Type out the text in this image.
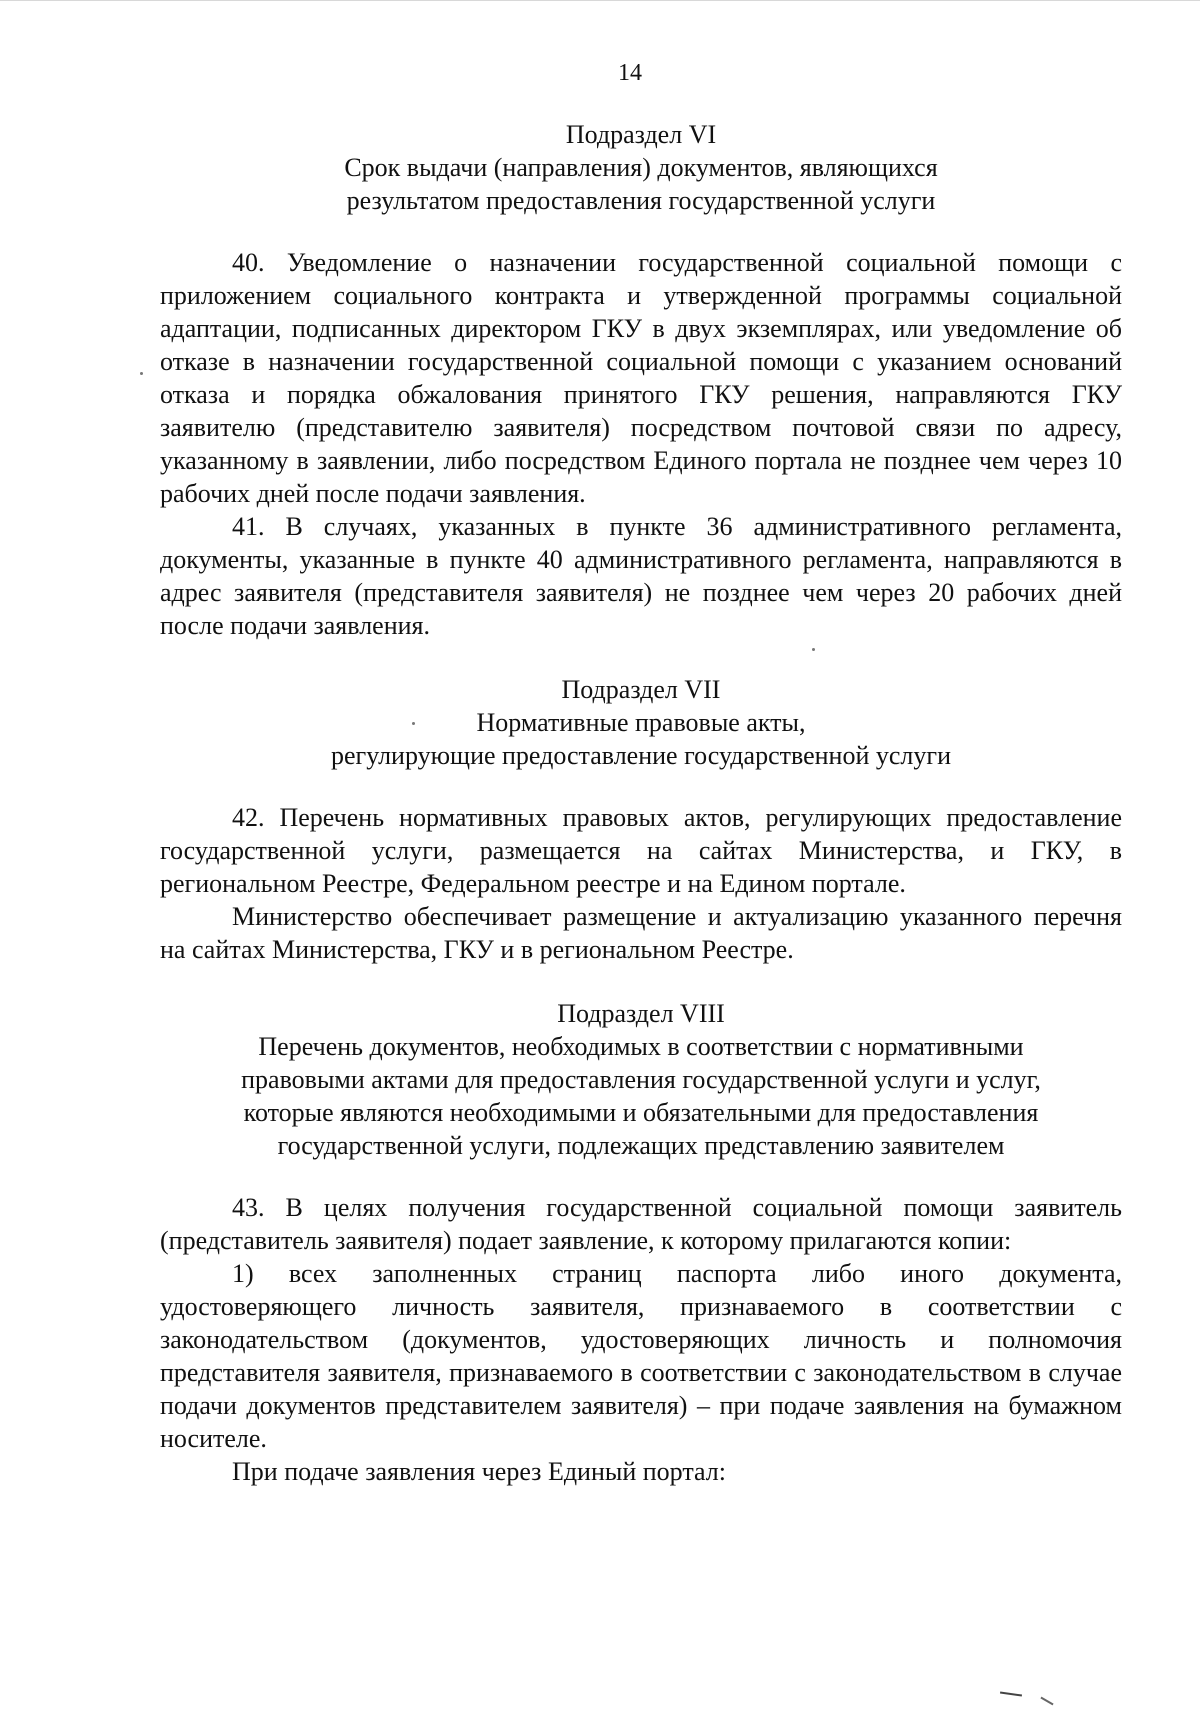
14
Подраздел VI
Срок выдачи (направления) документов, являющихся
результатом предоставления государственной услуги

40. Уведомление о назначении государственной социальной помощи с приложением социального контракта и утвержденной программы социальной адаптации, подписанных директором ГКУ в двух экземплярах, или уведомление об отказе в назначении государственной социальной помощи с указанием оснований отказа и порядка обжалования принятого ГКУ решения, направляются ГКУ заявителю (представителю заявителя) посредством почтовой связи по адресу, указанному в заявлении, либо посредством Единого портала не позднее чем через 10 рабочих дней после подачи заявления.

41. В случаях, указанных в пункте 36 административного регламента, документы, указанные в пункте 40 административного регламента, направляются в адрес заявителя (представителя заявителя) не позднее чем через 20 рабочих дней после подачи заявления.

Подраздел VII
Нормативные правовые акты,
регулирующие предоставление государственной услуги

42. Перечень нормативных правовых актов, регулирующих предоставление государственной услуги, размещается на сайтах Министерства, и ГКУ, в региональном Реестре, Федеральном реестре и на Едином портале.

Министерство обеспечивает размещение и актуализацию указанного перечня на сайтах Министерства, ГКУ и в региональном Реестре.

Подраздел VIII
Перечень документов, необходимых в соответствии с нормативными
правовыми актами для предоставления государственной услуги и услуг,
которые являются необходимыми и обязательными для предоставления
государственной услуги, подлежащих представлению заявителем

43. В целях получения государственной социальной помощи заявитель (представитель заявителя) подает заявление, к которому прилагаются копии:

1) всех заполненных страниц паспорта либо иного документа, удостоверяющего личность заявителя, признаваемого в соответствии с законодательством (документов, удостоверяющих личность и полномочия представителя заявителя, признаваемого в соответствии с законодательством в случае подачи документов представителем заявителя) – при подаче заявления на бумажном носителе.

При подаче заявления через Единый портал:
